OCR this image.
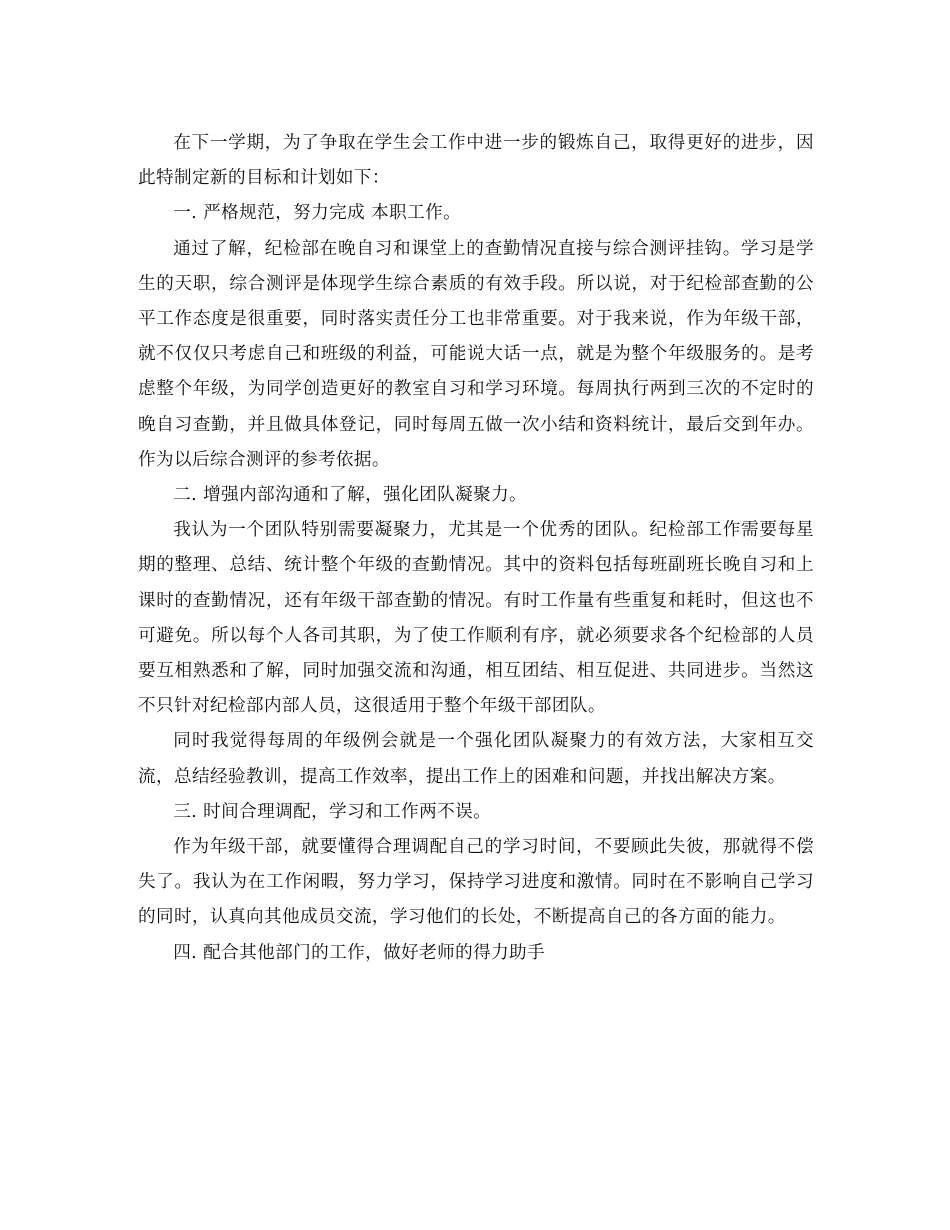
在下一学期，为了争取在学生会工作中进一步的锻炼自己，取得更好的进步，因此特制定新的目标和计划如下：

一. 严格规范，努力完成 本职工作。

通过了解，纪检部在晚自习和课堂上的查勤情况直接与综合测评挂钩。学习是学生的天职，综合测评是体现学生综合素质的有效手段。所以说，对于纪检部查勤的公平工作态度是很重要，同时落实责任分工也非常重要。对于我来说，作为年级干部，就不仅仅只考虑自己和班级的利益，可能说大话一点，就是为整个年级服务的。是考虑整个年级，为同学创造更好的教室自习和学习环境。每周执行两到三次的不定时的晚自习查勤，并且做具体登记，同时每周五做一次小结和资料统计，最后交到年办。作为以后综合测评的参考依据。

二. 增强内部沟通和了解，强化团队凝聚力。

我认为一个团队特别需要凝聚力，尤其是一个优秀的团队。纪检部工作需要每星期的整理、总结、统计整个年级的查勤情况。其中的资料包括每班副班长晚自习和上课时的查勤情况，还有年级干部查勤的情况。有时工作量有些重复和耗时，但这也不可避免。所以每个人各司其职，为了使工作顺利有序，就必须要求各个纪检部的人员要互相熟悉和了解，同时加强交流和沟通，相互团结、相互促进、共同进步。当然这不只针对纪检部内部人员，这很适用于整个年级干部团队。

同时我觉得每周的年级例会就是一个强化团队凝聚力的有效方法，大家相互交流，总结经验教训，提高工作效率，提出工作上的困难和问题，并找出解决方案。

三. 时间合理调配，学习和工作两不误。

作为年级干部，就要懂得合理调配自己的学习时间，不要顾此失彼，那就得不偿失了。我认为在工作闲暇，努力学习，保持学习进度和激情。同时在不影响自己学习的同时，认真向其他成员交流，学习他们的长处，不断提高自己的各方面的能力。

四. 配合其他部门的工作，做好老师的得力助手
